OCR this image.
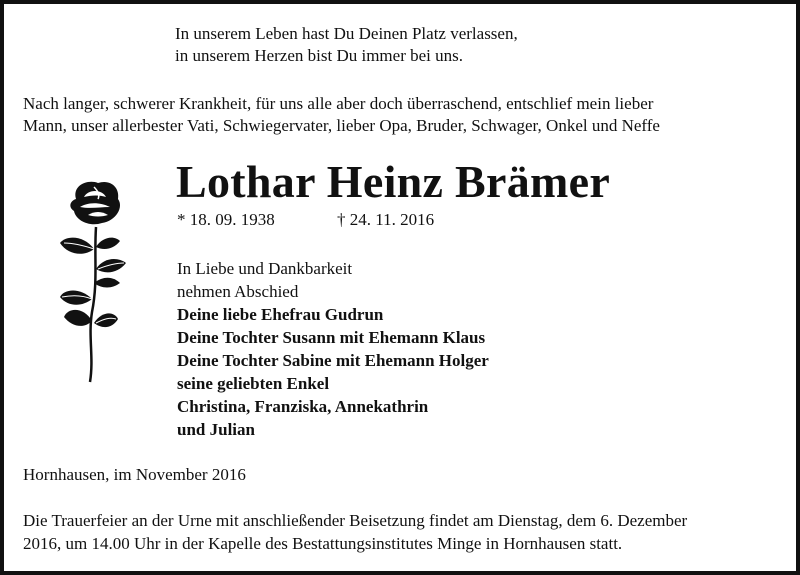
In unserem Leben hast Du Deinen Platz verlassen,
in unserem Herzen bist Du immer bei uns.
Nach langer, schwerer Krankheit, für uns alle aber doch überraschend, entschlief mein lieber
Mann, unser allerbester Vati, Schwiegervater, lieber Opa, Bruder, Schwager, Onkel und Neffe
Lothar Heinz Brämer
* 18. 09. 1938	† 24. 11. 2016
In Liebe und Dankbarkeit
nehmen Abschied
Deine liebe Ehefrau Gudrun
Deine Tochter Susann mit Ehemann Klaus
Deine Tochter Sabine mit Ehemann Holger
seine geliebten Enkel
Christina, Franziska, Annekathrin
und Julian
Hornhausen, im November 2016
Die Trauerfeier an der Urne mit anschließender Beisetzung findet am Dienstag, dem 6. Dezember
2016, um 14.00 Uhr in der Kapelle des Bestattungsinstitutes Minge in Hornhausen statt.
